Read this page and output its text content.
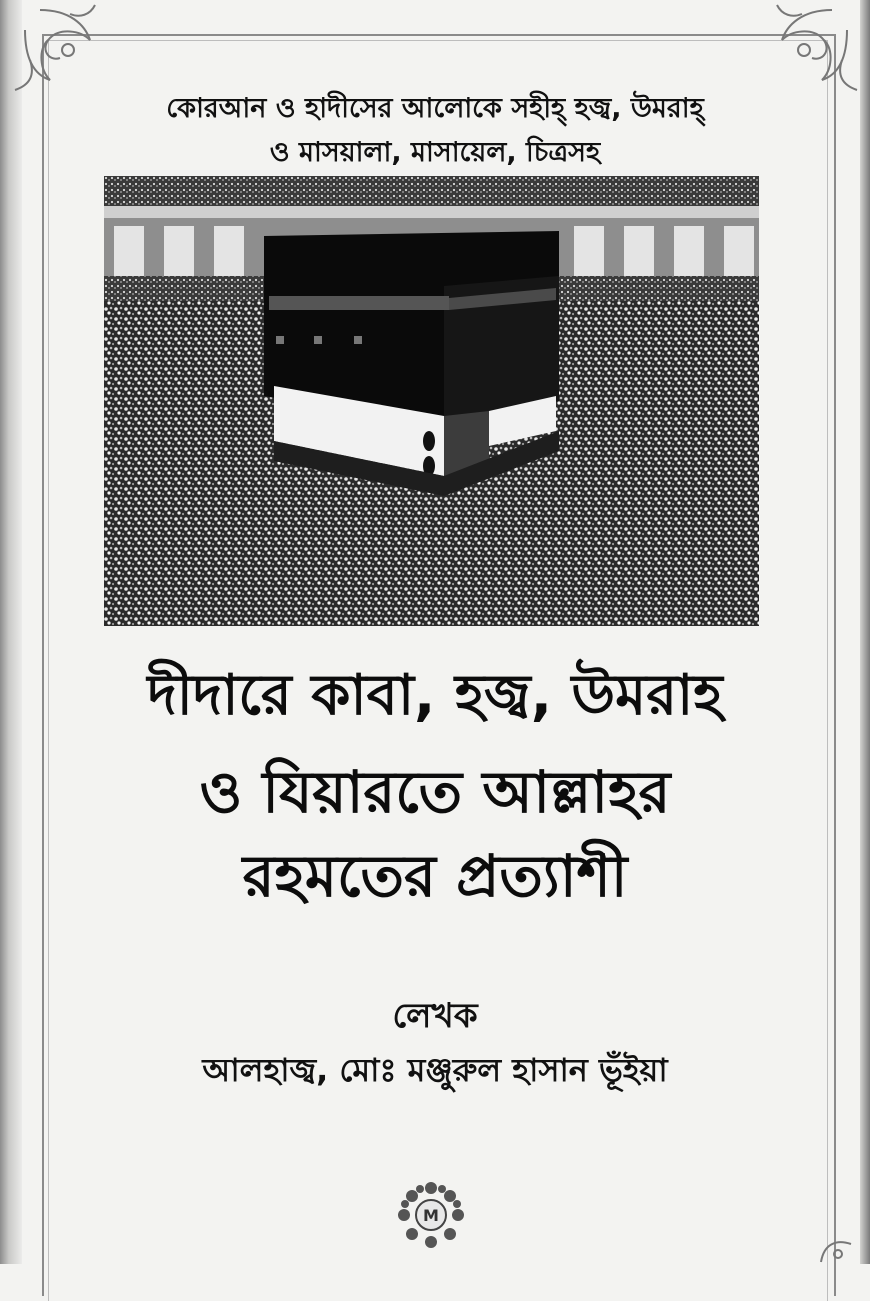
কোরআন ও হাদীসের আলোকে সহীহ্ হজ্ব, উমরাহ্
ও মাসয়ালা, মাসায়েল, চিত্রসহ
দীদারে কাবা, হজ্ব, উমরাহ
ও যিয়ারতে আল্লাহর
রহমতের প্রত্যাশী
লেখক
আলহাজ্ব, মোঃ মঞ্জুরুল হাসান ভূঁইয়া
M
